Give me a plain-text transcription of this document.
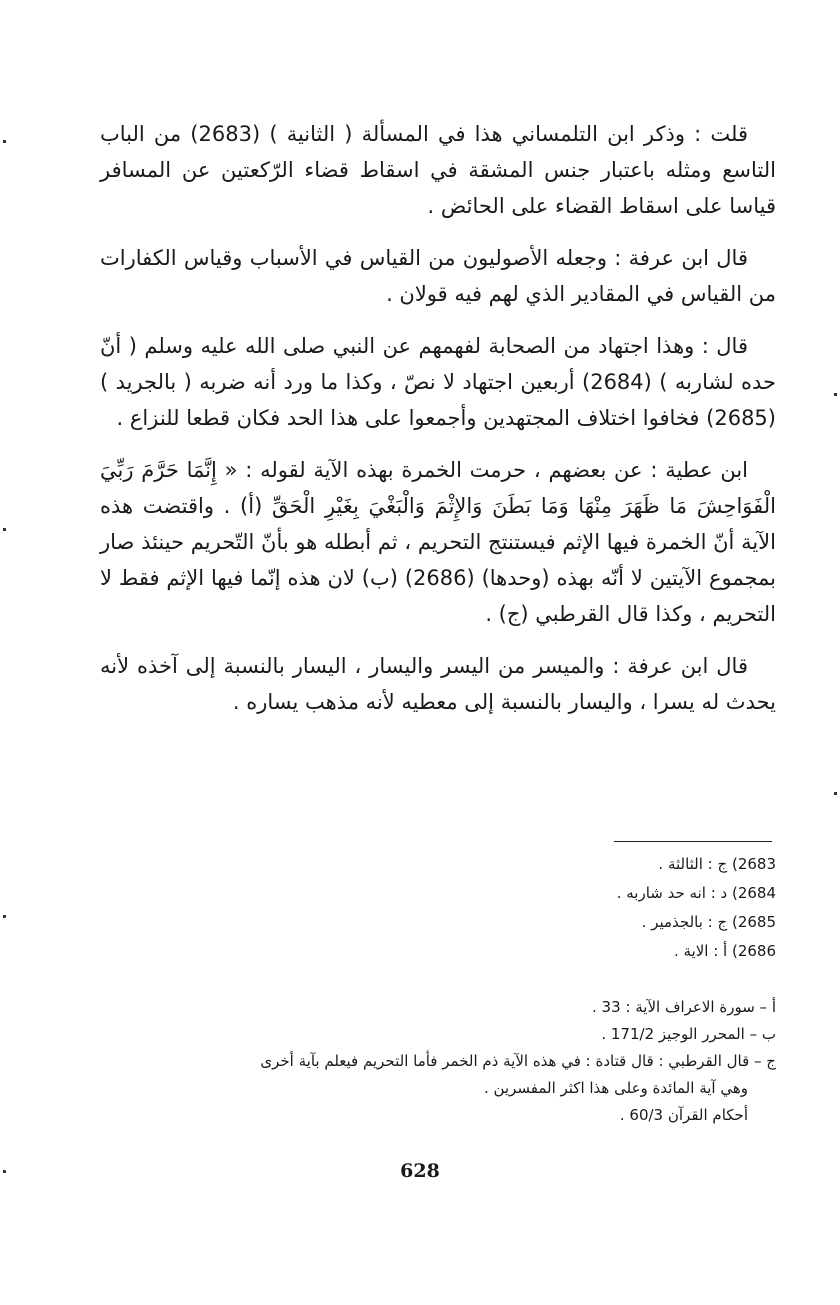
قلت : وذكر ابن التلمساني هذا في المسألة ( الثانية ) (2683) من الباب التاسع ومثله باعتبار جنس المشقة في اسقاط قضاء الرّكعتين عن المسافر قياسا على اسقاط القضاء على الحائض .

قال ابن عرفة : وجعله الأصوليون من القياس في الأسباب وقياس الكفارات من القياس في المقادير الذي لهم فيه قولان .

قال : وهذا اجتهاد من الصحابة لفهمهم عن النبي صلى الله عليه وسلم ( أنّ حده لشاربه ) (2684) أربعين اجتهاد لا نصّ ، وكذا ما ورد أنه ضربه ( بالجريد ) (2685) فخافوا اختلاف المجتهدين وأجمعوا على هذا الحد فكان قطعا للنزاع .

ابن عطية : عن بعضهم ، حرمت الخمرة بهذه الآية لقوله : « إِنَّمَا حَرَّمَ رَبِّيَ الْفَوَاحِشَ مَا ظَهَرَ مِنْهَا وَمَا بَطَنَ وَالإِثْمَ وَالْبَغْيَ بِغَيْرِ الْحَقِّ (أ) . واقتضت هذه الآية أنّ الخمرة فيها الإثم فيستنتج التحريم ، ثم أبطله هو بأنّ التّحريم حينئذ صار بمجموع الآيتين لا أنّه بهذه (وحدها) (2686) (ب) لان هذه إنّما فيها الإثم فقط لا التحريم ، وكذا قال القرطبي (ج) .

قال ابن عرفة : والميسر من اليسر واليسار ، اليسار بالنسبة إلى آخذه لأنه يحدث له يسرا ، واليسار بالنسبة إلى معطيه لأنه مذهب يساره .

2683) ج : الثالثة .
2684) د : انه حد شاربه .
2685) ج : بالجذمير .
2686) أ : الاية .
أ – سورة الاعراف الآية : 33 .
ب – المحرر الوجيز 171/2 .
ج – قال القرطبي : قال قتادة : في هذه الآية ذم الخمر فأما التحريم فيعلم بآية أخرى
وهي آية المائدة وعلى هذا اكثر المفسرين .
أحكام القرآن 60/3 .
628
